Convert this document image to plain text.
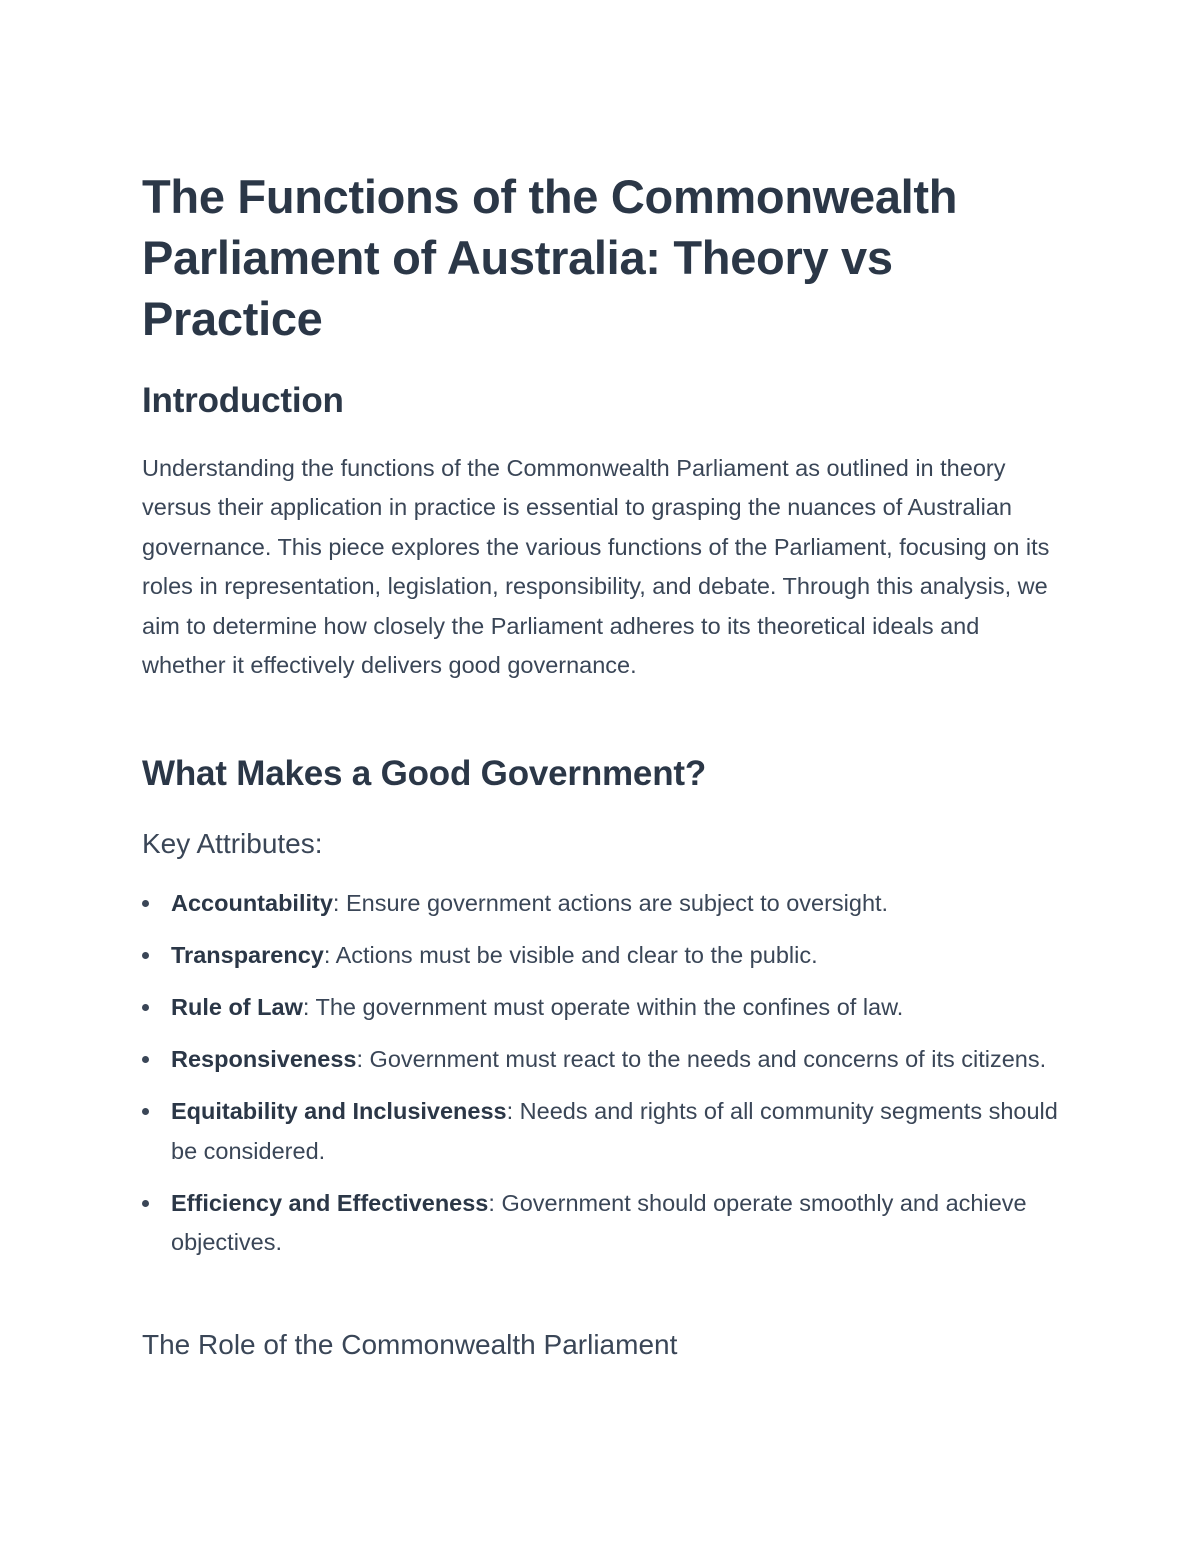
The Functions of the Commonwealth Parliament of Australia: Theory vs Practice
Introduction

Understanding the functions of the Commonwealth Parliament as outlined in theory versus their application in practice is essential to grasping the nuances of Australian governance. This piece explores the various functions of the Parliament, focusing on its roles in representation, legislation, responsibility, and debate. Through this analysis, we aim to determine how closely the Parliament adheres to its theoretical ideals and whether it effectively delivers good governance.

What Makes a Good Government?
Key Attributes:
Accountability: Ensure government actions are subject to oversight.
Transparency: Actions must be visible and clear to the public.
Rule of Law: The government must operate within the confines of law.
Responsiveness: Government must react to the needs and concerns of its citizens.
Equitability and Inclusiveness: Needs and rights of all community segments should be considered.
Efficiency and Effectiveness: Government should operate smoothly and achieve objectives.
The Role of the Commonwealth Parliament
